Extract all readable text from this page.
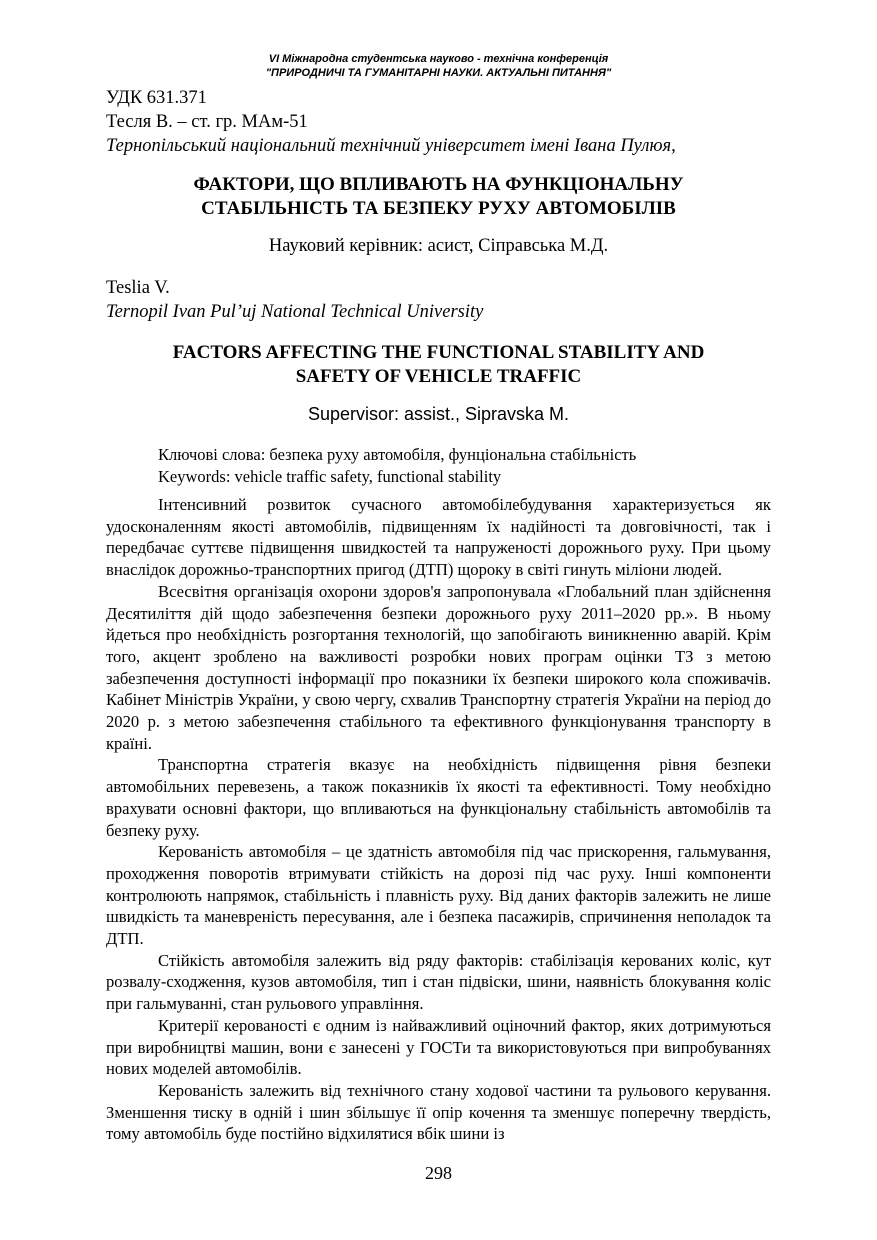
VI Міжнародна студентська науково - технічна конференція
"ПРИРОДНИЧІ ТА ГУМАНІТАРНІ НАУКИ. АКТУАЛЬНІ ПИТАННЯ"
УДК 631.371
Тесля В. – ст. гр. МАм-51
Тернопільський національний технічний університет імені Івана Пулюя,
ФАКТОРИ, ЩО ВПЛИВАЮТЬ НА ФУНКЦІОНАЛЬНУ
СТАБІЛЬНІСТЬ ТА БЕЗПЕКУ РУХУ АВТОМОБІЛІВ
Науковий керівник: асист, Сіправська М.Д.
Teslia V.
Ternopil Ivan Pul’uj National Technical University
FACTORS AFFECTING THE FUNCTIONAL STABILITY AND
SAFETY OF VEHICLE TRAFFIC
Supervisor: assist., Sipravska M.
Ключові слова: безпека руху автомобіля, фунціональна стабільність
Keywords: vehicle traffic safety, functional stability

Інтенсивний розвиток сучасного автомобілебудування характеризується як удосконаленням якості автомобілів, підвищенням їх надійності та довговічності, так і передбачає суттєве підвищення швидкостей та напруженості дорожнього руху. При цьому внаслідок дорожньо-транспортних пригод (ДТП) щороку в світі гинуть міліони людей.

Всесвітня організація охорони здоров'я запропонувала «Глобальний план здійснення Десятиліття дій щодо забезпечення безпеки дорожнього руху 2011–2020 рр.». В ньому йдеться про необхідність розгортання технологій, що запобігають виникненню аварій. Крім того, акцент зроблено на важливості розробки нових програм оцінки ТЗ з метою забезпечення доступності інформації про показники їх безпеки широкого кола споживачів. Кабінет Міністрів України, у свою чергу, схвалив Транспортну стратегія України на період до 2020 р. з метою забезпечення стабільного та ефективного функціонування транспорту в країні.

Транспортна стратегія вказує на необхідність підвищення рівня безпеки автомобільних перевезень, а також показників їх якості та ефективності. Тому необхідно врахувати основні фактори, що впливаються на функціональну стабільність автомобілів та безпеку руху.

Керованість автомобіля – це здатність автомобіля під час прискорення, гальмування, проходження поворотів втримувати стійкість на дорозі під час руху. Інші компоненти контролюють напрямок, стабільність і плавність руху. Від даних факторів залежить не лише швидкість та маневреність пересування, але і безпека пасажирів, спричинення неполадок та ДТП.

Стійкість автомобіля залежить від ряду факторів: стабілізація керованих коліс, кут розвалу-сходження, кузов автомобіля, тип і стан підвіски, шини, наявність блокування коліс при гальмуванні, стан рульового управління.

Критерії керованості є одним із найважливий оціночний фактор, яких дотримуються при виробництві машин, вони є занесені у ГОСТи та використовуються при випробуваннях нових моделей автомобілів.

Керованість залежить від технічного стану ходової частини та рульового керування. Зменшення тиску в одній і шин збільшує її опір кочення та зменшує поперечну твердість, тому автомобіль буде постійно відхилятися вбік шини із

298
